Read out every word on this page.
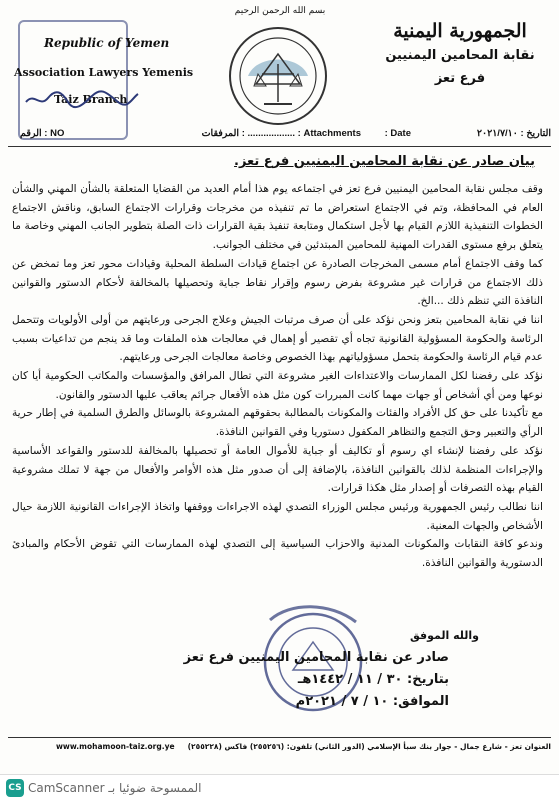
بسم الله الرحمن الرحيم
الجمهورية اليمنية
نقابة المحامين اليمنيين
فرع تعز
Republic of Yemen
Association Lawyers Yemenis
Taiz Branch
التاريخ : ٢٠٢١/٧/١٠
: Date
المرفقات : .................. : Attachments
الرقم : NO
بيان صادر عن نقابة المحامين اليمنيين فرع تعز.

وقف مجلس نقابة المحامين اليمنيين فرع تعز في اجتماعه يوم هذا أمام العديد من القضايا المتعلقة بالشأن المهني والشأن العام في المحافظة، وتم في الاجتماع استعراض ما تم تنفيذه من مخرجات وقرارات الاجتماع السابق، وناقش الاجتماع الخطوات التنفيذية اللازم القيام بها لأجل استكمال ومتابعة تنفيذ بقية القرارات ذات الصلة بتطوير الجانب المهني وخاصة ما يتعلق برفع مستوى القدرات المهنية للمحامين المبتدئين في مختلف الجوانب.

كما وقف الاجتماع أمام مسمى المخرجات الصادرة عن اجتماع قيادات السلطة المحلية وقيادات محور تعز وما تمخض عن ذلك الاجتماع من قرارات غير مشروعة بفرض رسوم وإقرار نقاط جباية وتحصيلها بالمخالفة لأحكام الدستور والقوانين النافذة التي تنظم ذلك ...الخ.

اننا في نقابة المحامين بتعز ونحن نؤكد على أن صرف مرتبات الجيش وعلاج الجرحى ورعايتهم من أولى الأولويات وتتحمل الرئاسة والحكومة المسؤولية القانونية تجاه أي تقصير أو إهمال في معالجات هذه الملفات وما قد ينجم من تداعيات بسبب عدم قيام الرئاسة والحكومة بتحمل مسؤولياتهم بهذا الخصوص وخاصة معالجات الجرحى ورعايتهم.

نؤكد على رفضنا لكل الممارسات والاعتداءات الغير مشروعة التي تطال المرافق والمؤسسات والمكاتب الحكومية أيا كان نوعها ومن أي أشخاص أو جهات مهما كانت المبررات كون مثل هذه الأفعال جرائم يعاقب عليها الدستور والقانون.

مع تأكيدنا على حق كل الأفراد والفئات والمكونات بالمطالبة بحقوقهم المشروعة بالوسائل والطرق السلمية في إطار حرية الرأي والتعبير وحق التجمع والتظاهر المكفول دستوريا وفي القوانين النافذة.

نؤكد على رفضنا لإنشاء اي رسوم أو تكاليف أو جباية للأموال العامة أو تحصيلها بالمخالفة للدستور والقواعد الأساسية والإجراءات المنظمة لذلك بالقوانين النافذة، بالإضافة إلى أن صدور مثل هذه الأوامر والأفعال من جهة لا تملك مشروعية القيام بهذه التصرفات أو إصدار مثل هكذا قرارات.

اننا نطالب رئيس الجمهورية ورئيس مجلس الوزراء التصدي لهذه الاجراءات ووقفها واتخاذ الإجراءات القانونية اللازمة حيال الأشخاص والجهات المعنية.

وندعو كافة النقابات والمكونات المدنية والاحزاب السياسية إلى التصدي لهذه الممارسات التي تقوض الأحكام والمبادئ الدستورية والقوانين النافذة.

والله الموفق
صادر عن نقابة المحامين اليمنيين فرع تعز
بتاريخ: ٣٠ / ١١ / ١٤٤٢هـ
الموافق: ١٠ / ٧ / ٢٠٢١م
www.mohamoon-taiz.org.ye العنوان تعز - شارع جمال - جوار بنك سبأ الإسلامي (الدور الثاني) تلفون: (٢٥٥٢٥٦) فاكس (٢٥٥٢٢٨)
CS الممسوحة ضوئيا بـ CamScanner
